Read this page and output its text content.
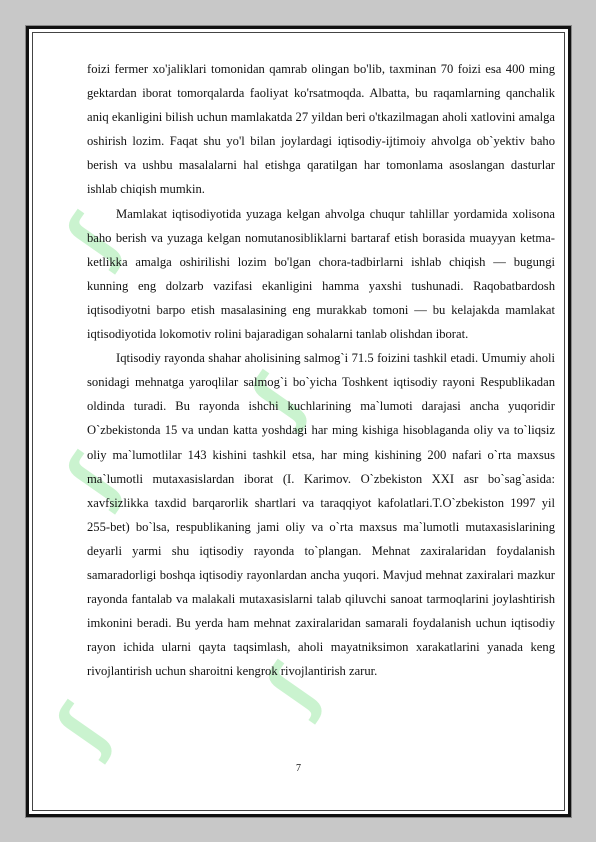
ʃ
ʃ
ʃ
ʃ
ʃ

foizi fermer xo'jaliklari tomonidan qamrab olingan bo'lib, taxminan 70 foizi esa 400 ming gektardan iborat tomorqalarda faoliyat ko'rsatmoqda. Albatta, bu raqamlarning qanchalik aniq ekanligini bilish uchun mamlakatda 27 yildan beri o'tkazilmagan aholi xatlovini amalga oshirish lozim. Faqat shu yo'l bilan joylardagi iqtisodiy-ijtimoiy ahvolga ob`yektiv baho berish va ushbu masalalarni hal etishga qaratilgan har tomonlama asoslangan dasturlar ishlab chiqish mumkin.

Mamlakat iqtisodiyotida yuzaga kelgan ahvolga chuqur tahlillar yordamida xolisona baho berish va yuzaga kelgan nomutanosibliklarni bartaraf etish borasida muayyan ketma-ketlikka amalga oshirilishi lozim bo'lgan chora-tadbirlarni ishlab chiqish — bugungi kunning eng dolzarb vazifasi ekanligini hamma yaxshi tushunadi. Raqobatbardosh iqtisodiyotni barpo etish masalasining eng murakkab tomoni — bu kelajakda mamlakat iqtisodiyotida lokomotiv rolini bajaradigan sohalarni tanlab olishdan iborat.

Iqtisodiy rayonda shahar aholisining salmog`i 71.5 foizini tashkil etadi. Umumiy aholi sonidagi mehnatga yaroqlilar salmog`i bo`yicha Toshkent iqtisodiy rayoni Respublikadan oldinda turadi. Bu rayonda ishchi kuchlarining ma`lumoti darajasi ancha yuqoridir O`zbekistonda 15 va undan katta yoshdagi har ming kishiga hisoblaganda oliy va to`liqsiz oliy ma`lumotlilar 143 kishini tashkil etsa, har ming kishining 200 nafari o`rta maxsus ma`lumotli mutaxasislardan iborat (I. Karimov. O`zbekiston XXI asr bo`sag`asida: xavfsizlikka taxdid barqarorlik shartlari va taraqqiyot kafolatlari.T.O`zbekiston 1997 yil 255-bet) bo`lsa, respublikaning jami oliy va o`rta maxsus ma`lumotli mutaxasislarining deyarli yarmi shu iqtisodiy rayonda to`plangan. Mehnat zaxiralaridan foydalanish samaradorligi boshqa iqtisodiy rayonlardan ancha yuqori. Mavjud mehnat zaxiralari mazkur rayonda fantalab va malakali mutaxasislarni talab qiluvchi sanoat tarmoqlarini joylashtirish imkonini beradi. Bu yerda ham mehnat zaxiralaridan samarali foydalanish uchun iqtisodiy rayon ichida ularni qayta taqsimlash, aholi mayatniksimon xarakatlarini yanada keng rivojlantirish uchun sharoitni kengrok rivojlantirish zarur.

7
